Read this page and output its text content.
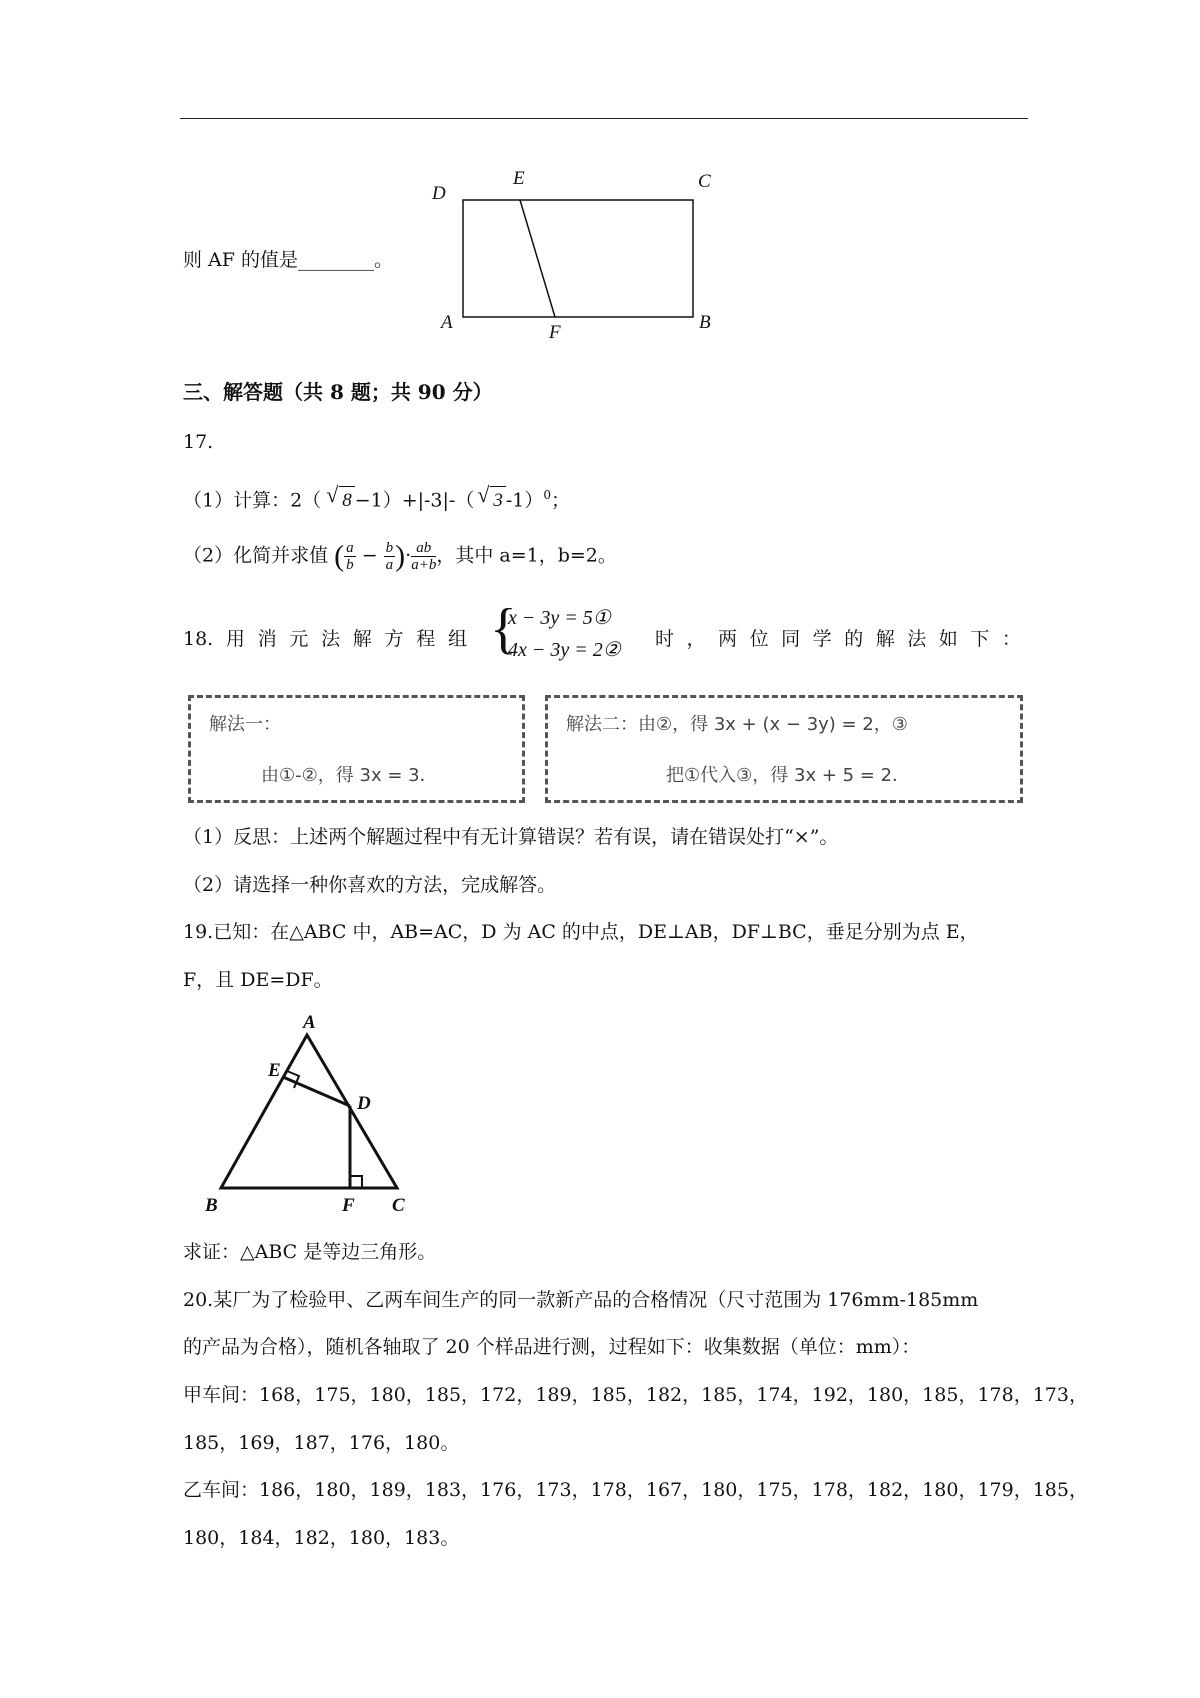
D
E	C
A	F	B
则 AF 的值是________。
三、解答题（共 8 题；共 90 分）
17.
（1）计算：2（ √ 8 −1）+|-3|-（ √ 3 -1）$^0$；
（2）化简并求值 ( $\frac{a}{b} - \frac{b}{a}$ )· $\frac{ab}{a+b}$ ，其中 a=1，b=2。
18. 用 消 元 法 解 方 程 组 {
x − 3y = 5①
4x − 3y = 2② 时 ， 两 位 同 学 的 解 法 如 下 ：
解法一：
由①-②，得 3x = 3．
解法二：由②，得 3x + (x − 3y) = 2，③
把①代入③，得 3x + 5 = 2．
（1）反思：上述两个解题过程中有无计算错误？若有误，请在错误处打“×”。
（2）请选择一种你喜欢的方法，完成解答。
19.已知：在△ABC 中，AB=AC，D 为 AC 的中点，DE⊥AB，DF⊥BC，垂足分别为点 E，
F，且 DE=DF。
A
E
D
B	F C
求证：△ABC 是等边三角形。
20.某厂为了检验甲、乙两车间生产的同一款新产品的合格情况（尺寸范围为 176mm-185mm
的产品为合格），随机各轴取了 20 个样品进行测，过程如下：收集数据（单位：mm）：
甲车间：168，175，180，185，172，189，185，182，185，174，192，180，185，178，173，
185，169，187，176，180。
乙车间：186，180，189，183，176，173，178，167，180，175，178，182，180，179，185，
180，184，182，180，183。
